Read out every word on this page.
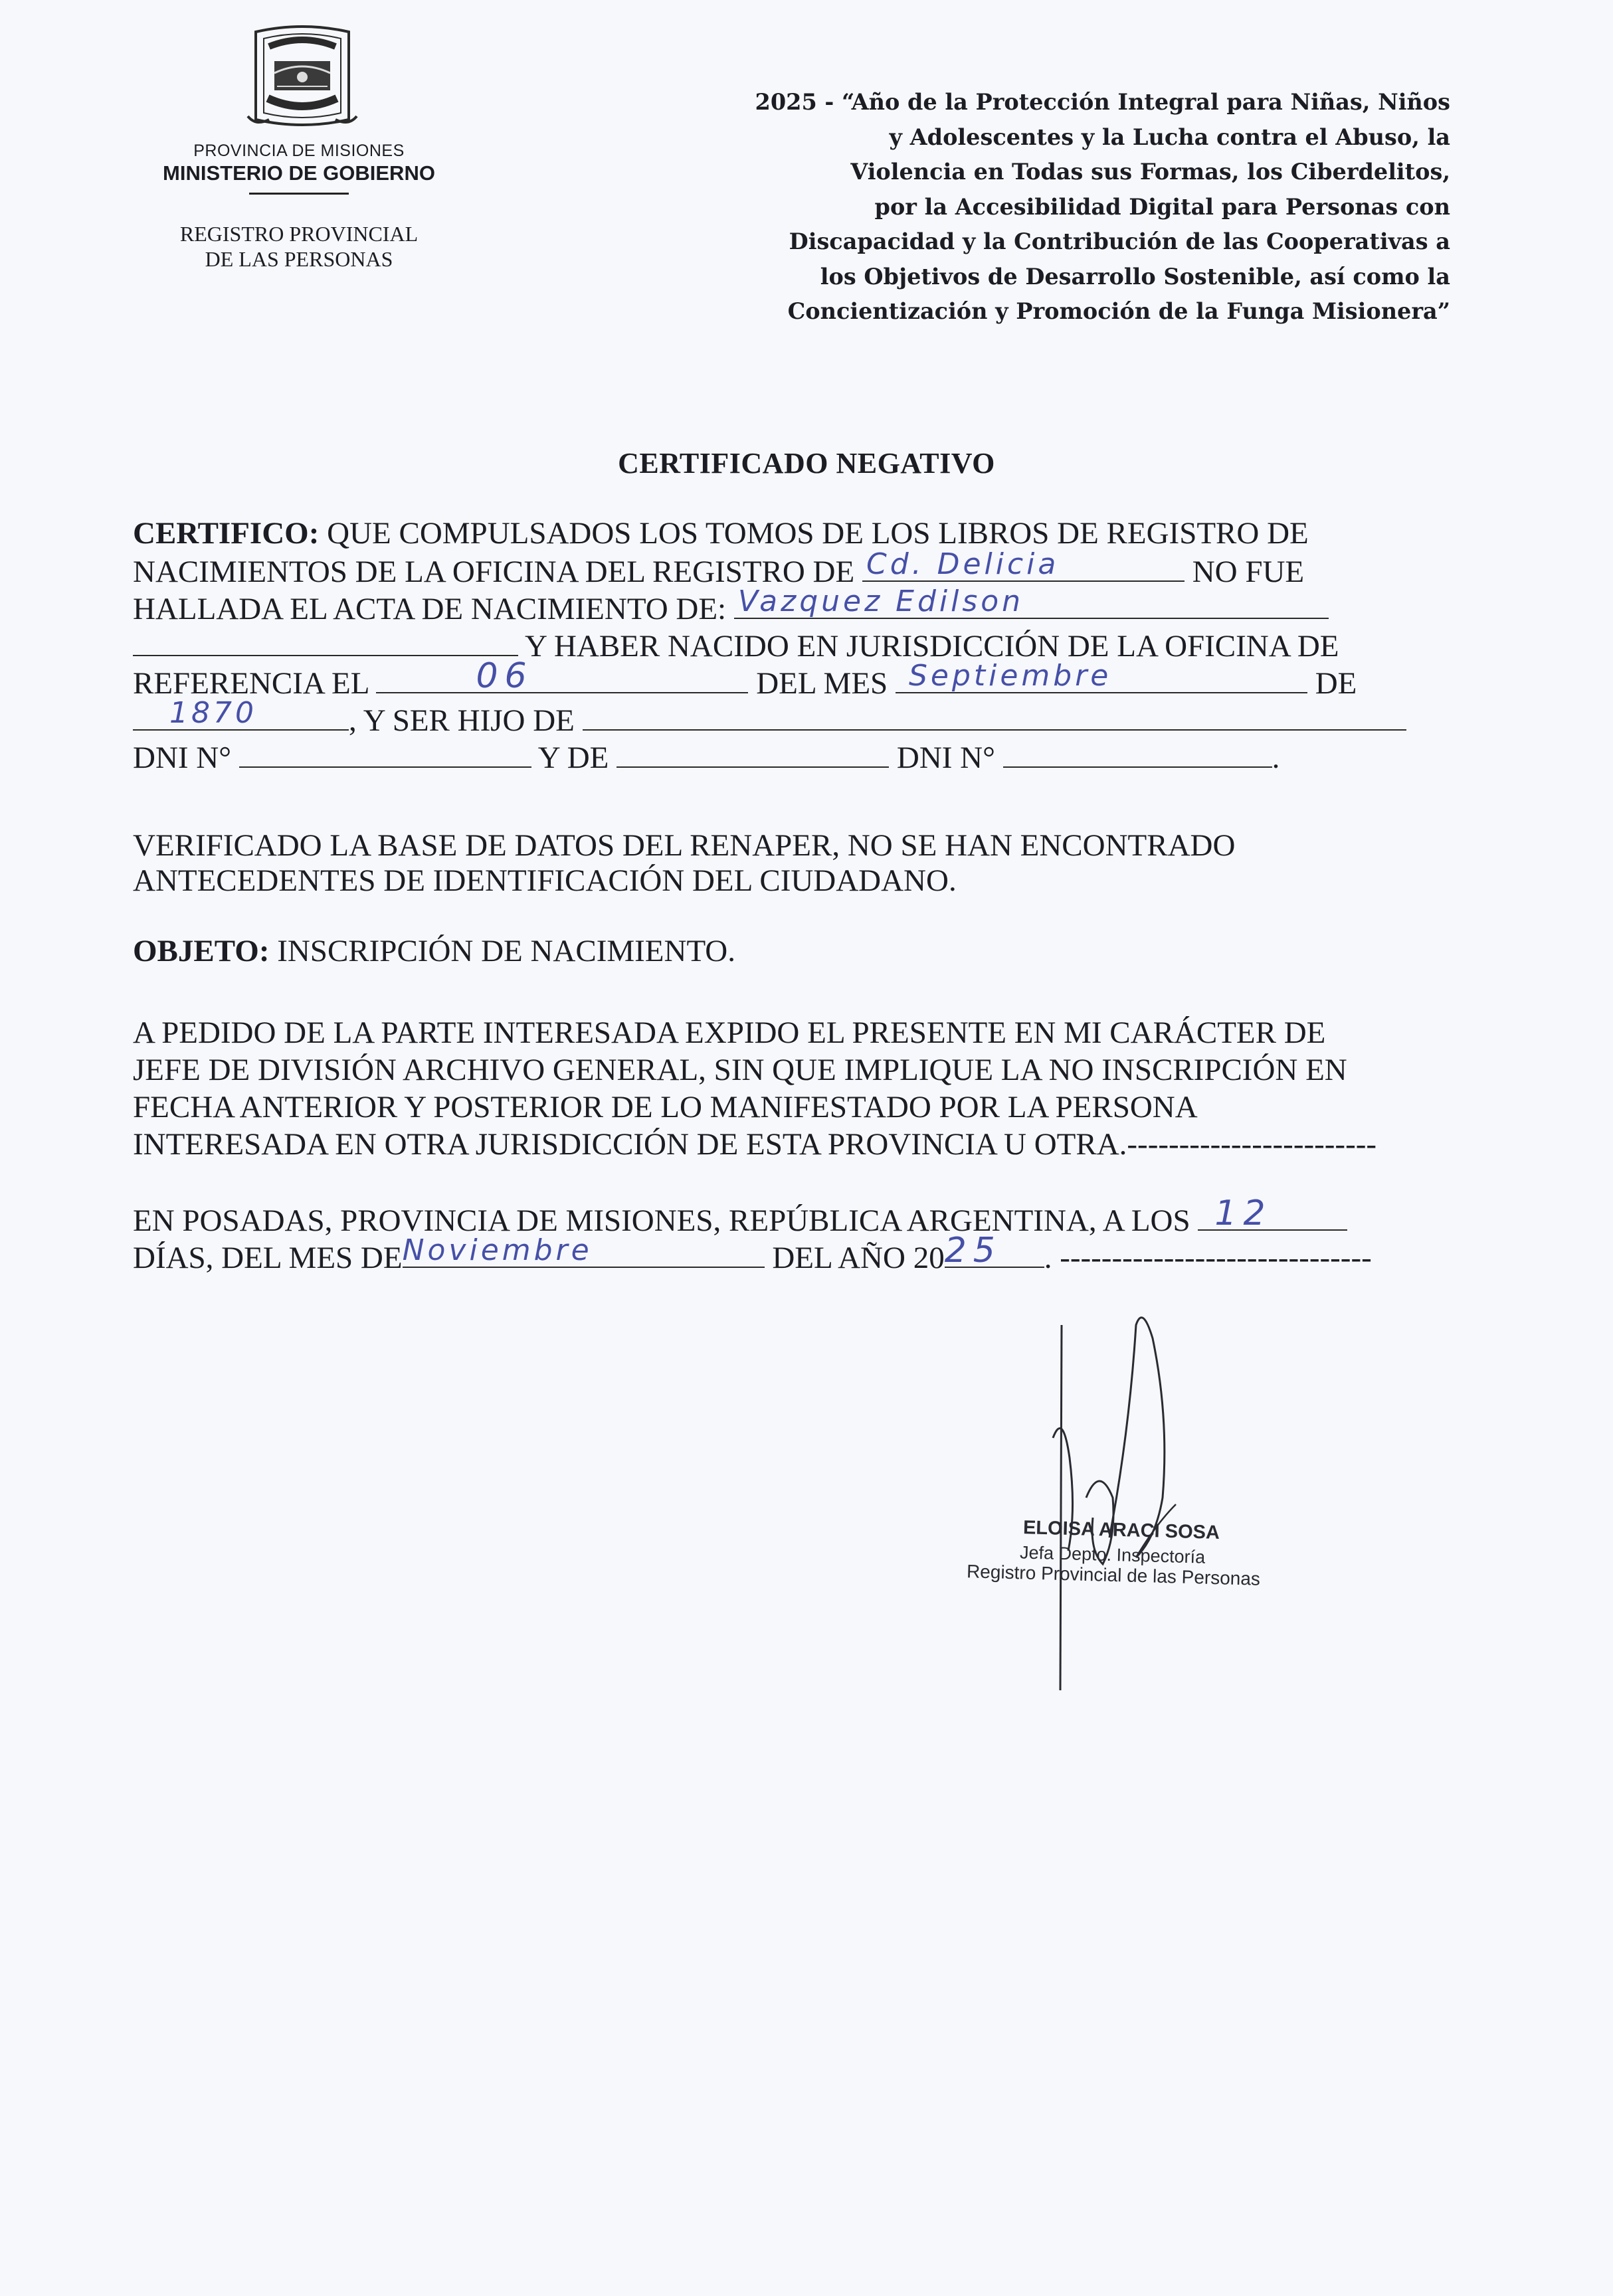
PROVINCIA DE MISIONES
MINISTERIO DE GOBIERNO
REGISTRO PROVINCIAL
DE LAS PERSONAS
2025 - “Año de la Protección Integral para Niñas, Niños
y Adolescentes y la Lucha contra el Abuso, la
Violencia en Todas sus Formas, los Ciberdelitos,
por la Accesibilidad Digital para Personas con
Discapacidad y la Contribución de las Cooperativas a
los Objetivos de Desarrollo Sostenible, así como la
Concientización y Promoción de la Funga Misionera”
CERTIFICADO NEGATIVO
CERTIFICO: QUE COMPULSADOS LOS TOMOS DE LOS LIBROS DE REGISTRO DE
NACIMIENTOS DE LA OFICINA DEL REGISTRO DE Cd. Delicia	NO FUE
HALLADA EL ACTA DE NACIMIENTO DE: Vazquez Edilson
Y HABER NACIDO EN JURISDICCIÓN DE LA OFICINA DE
REFERENCIA EL	06	DEL MES Septiembre	DE
1870	, Y SER HIJO DE
DNI N°	Y DE	DNI N°	.
VERIFICADO LA BASE DE DATOS DEL RENAPER, NO SE HAN ENCONTRADO
ANTECEDENTES DE IDENTIFICACIÓN DEL CIUDADANO.
OBJETO: INSCRIPCIÓN DE NACIMIENTO.
A PEDIDO DE LA PARTE INTERESADA EXPIDO EL PRESENTE EN MI CARÁCTER DE
JEFE DE DIVISIÓN ARCHIVO GENERAL, SIN QUE IMPLIQUE LA NO INSCRIPCIÓN EN
FECHA ANTERIOR Y POSTERIOR DE LO MANIFESTADO POR LA PERSONA
INTERESADA EN OTRA JURISDICCIÓN DE ESTA PROVINCIA U OTRA.------------------------
EN POSADAS, PROVINCIA DE MISIONES, REPÚBLICA ARGENTINA, A LOS 12
DÍAS, DEL MES DE Noviembre	DEL AÑO 20 25 . ------------------------------
ELOISA ARACI SOSA
Jefa Depto. Inspectoría
Registro Provincial de las Personas
